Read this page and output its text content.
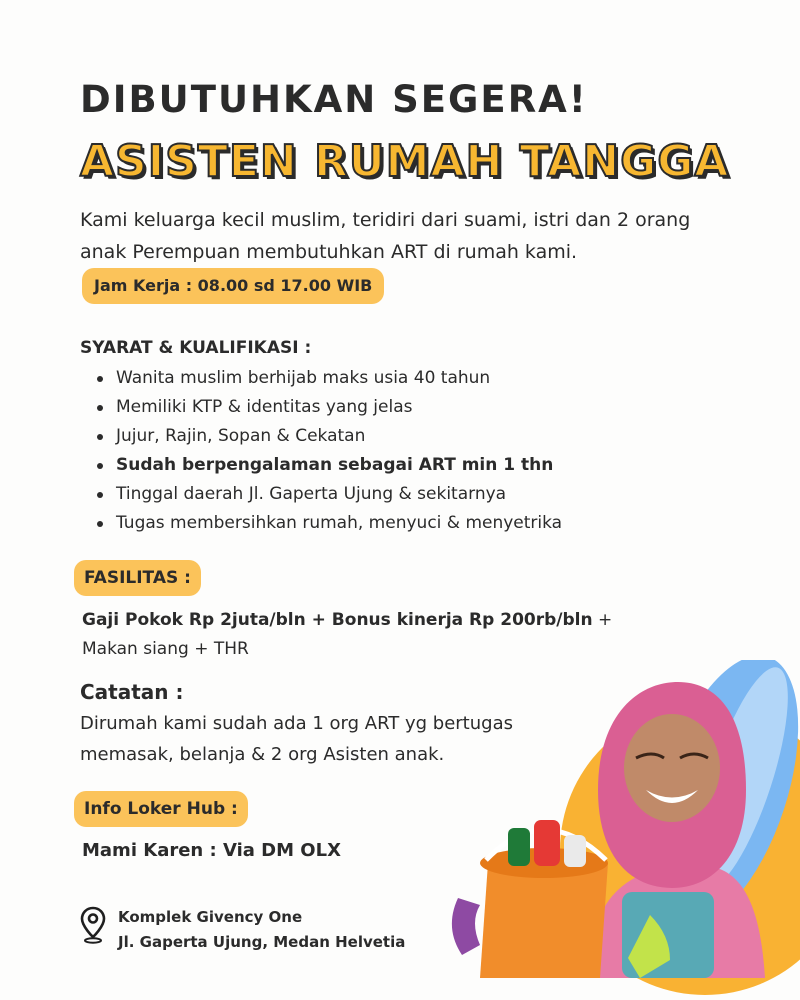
DIBUTUHKAN SEGERA!
ASISTEN RUMAH TANGGA

Kami keluarga kecil muslim, teridiri dari suami, istri dan 2 orang anak Perempuan membutuhkan ART di rumah kami.

Jam Kerja : 08.00 sd 17.00 WIB
SYARAT & KUALIFIKASI :
Wanita muslim berhijab maks usia 40 tahun
Memiliki KTP & identitas yang jelas
Jujur, Rajin, Sopan & Cekatan
Sudah berpengalaman sebagai ART min 1 thn
Tinggal daerah Jl. Gaperta Ujung & sekitarnya
Tugas membersihkan rumah, menyuci & menyetrika
FASILITAS :
Gaji Pokok Rp 2juta/bln + Bonus kinerja Rp 200rb/bln +
Makan siang + THR
Catatan :

Dirumah kami sudah ada 1 org ART yg bertugas memasak, belanja & 2 org Asisten anak.

Info Loker Hub :
Mami Karen : Via DM OLX
Komplek Givency One
Jl. Gaperta Ujung, Medan Helvetia
